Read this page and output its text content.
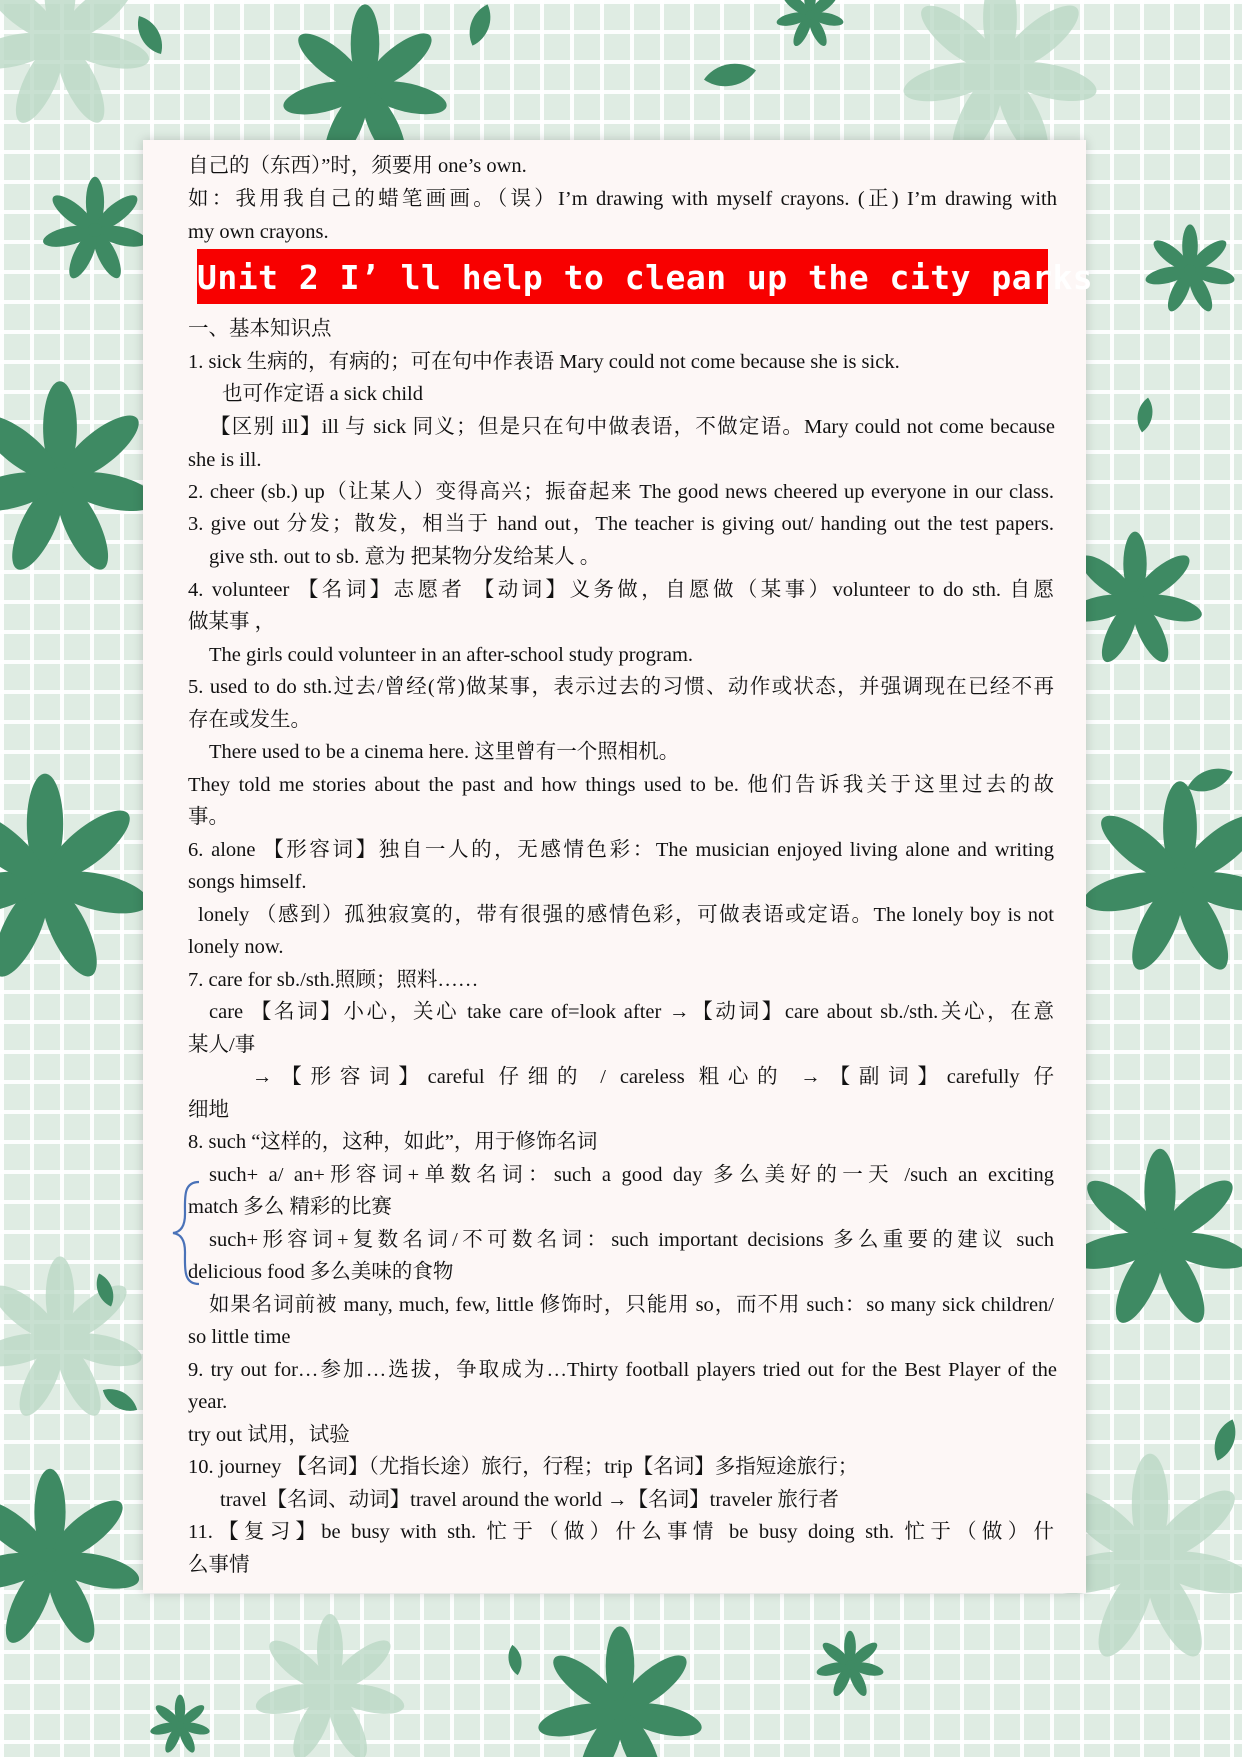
Unit 2 I’ ll help to clean up the city parks
自己的（东西）”时，须要用 one’s own.
如：我用我自己的蜡笔画画。（误）I’m drawing with myself crayons. (正) I’m drawing with
my own crayons.
一、基本知识点
1. sick 生病的，有病的；可在句中作表语 Mary could not come because she is sick.
也可作定语 a sick child
【区别 ill】ill 与 sick 同义；但是只在句中做表语，不做定语。Mary could not come because
she is ill.
2. cheer (sb.) up（让某人）变得高兴；振奋起来 The good news cheered up everyone in our class.
3. give out 分发；散发，相当于 hand out，The teacher is giving out/ handing out the test papers.
give sth. out to sb. 意为 把某物分发给某人 。
4. volunteer 【名词】志愿者 【动词】义务做，自愿做（某事）volunteer to do sth. 自愿
做某事 ，
The girls could volunteer in an after-school study program.
5. used to do sth.过去/曾经(常)做某事，表示过去的习惯、动作或状态，并强调现在已经不再
存在或发生。
There used to be a cinema here. 这里曾有一个照相机。
They told me stories about the past and how things used to be. 他们告诉我关于这里过去的故
事。
6. alone 【形容词】独自一人的，无感情色彩：The musician enjoyed living alone and writing
songs himself.
lonely （感到）孤独寂寞的，带有很强的感情色彩，可做表语或定语。The lonely boy is not
lonely now.
7. care for sb./sth.照顾；照料……
care 【名词】小心，关心 take care of=look after →【动词】care about sb./sth.关心，在意
某人/事
→【形容词】careful 仔细的 / careless 粗心的 →【副词】carefully 仔
细地
8. such “这样的，这种，如此”，用于修饰名词
such+ a/ an+形容词+单数名词：such a good day 多么美好的一天 /such an exciting
match 多么 精彩的比赛
such+形容词+复数名词/不可数名词：such important decisions 多么重要的建议 such
delicious food 多么美味的食物
如果名词前被 many, much, few, little 修饰时，只能用 so，而不用 such：so many sick children/
so little time
9. try out for…参加…选拔，争取成为…Thirty football players tried out for the Best Player of the
year.
try out 试用，试验
10. journey 【名词】（尤指长途）旅行，行程；trip【名词】多指短途旅行；
travel【名词、动词】travel around the world →【名词】traveler 旅行者
11.【复习】be busy with sth. 忙于（做）什么事情 be busy doing sth. 忙于（做）什
么事情
